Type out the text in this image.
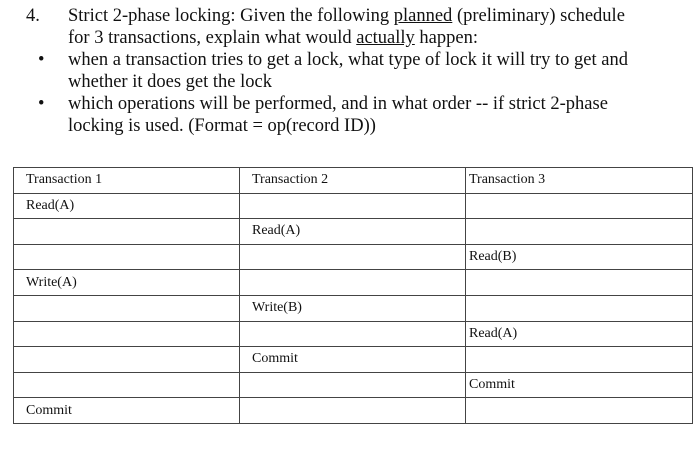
4.	Strict 2-phase locking: Given the following planned (preliminary) schedule
for 3 transactions, explain what would actually happen:
•	when a transaction tries to get a lock, what type of lock it will try to get and
whether it does get the lock
•	which operations will be performed, and in what order -- if strict 2-phase
locking is used. (Format = op(record ID))
Transaction 1	Transaction 2	Transaction 3
Read(A)		
	Read(A)	
		Read(B)
Write(A)		
	Write(B)	
		Read(A)
	Commit	
		Commit
Commit		
